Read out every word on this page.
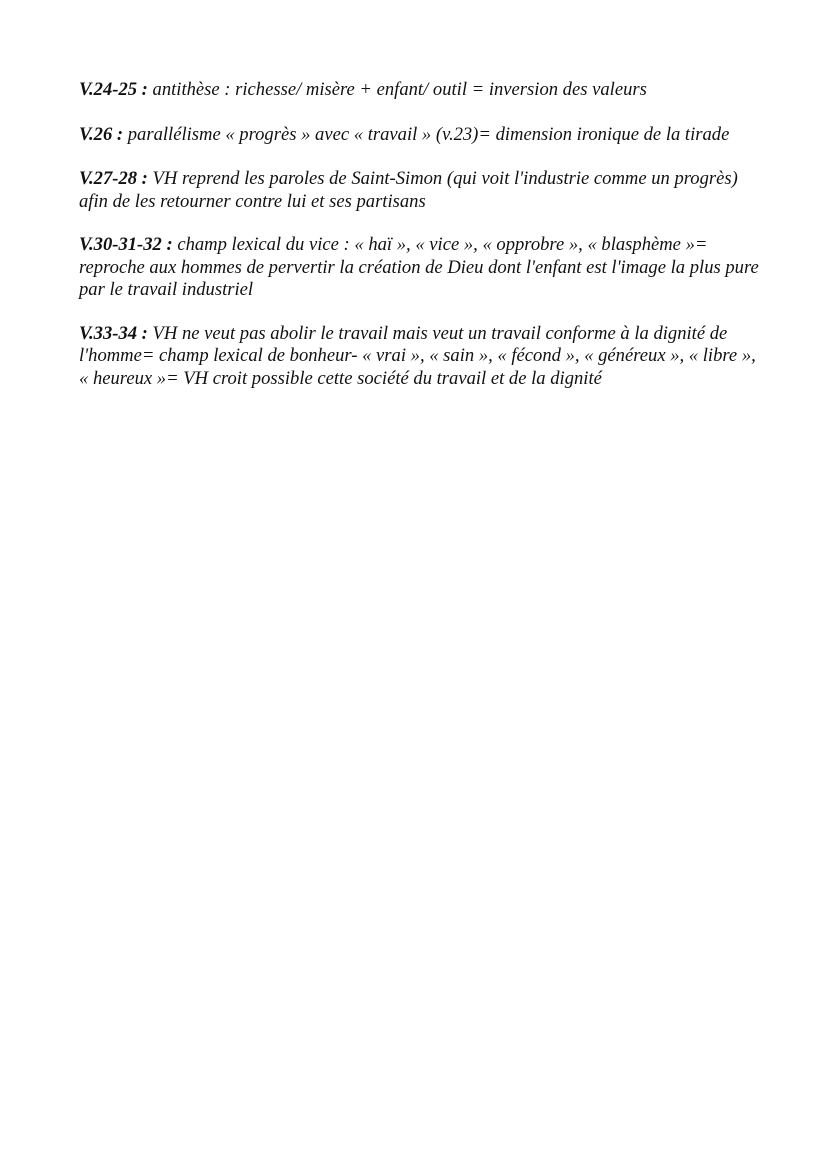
V.24-25 : antithèse : richesse/ misère + enfant/ outil = inversion des valeurs

V.26 : parallélisme « progrès » avec « travail » (v.23)= dimension ironique de la tirade

V.27-28 : VH reprend les paroles de Saint-Simon (qui voit l'industrie comme un progrès) afin de les retourner contre lui et ses partisans

V.30-31-32 : champ lexical du vice : « haï », « vice », « opprobre », « blasphème »= reproche aux hommes de pervertir la création de Dieu dont l'enfant est l'image la plus pure par le travail industriel

V.33-34 : VH ne veut pas abolir le travail mais veut un travail conforme à la dignité de l'homme= champ lexical de bonheur- « vrai », « sain », « fécond », « généreux », « libre », « heureux »= VH croit possible cette société du travail et de la dignité
